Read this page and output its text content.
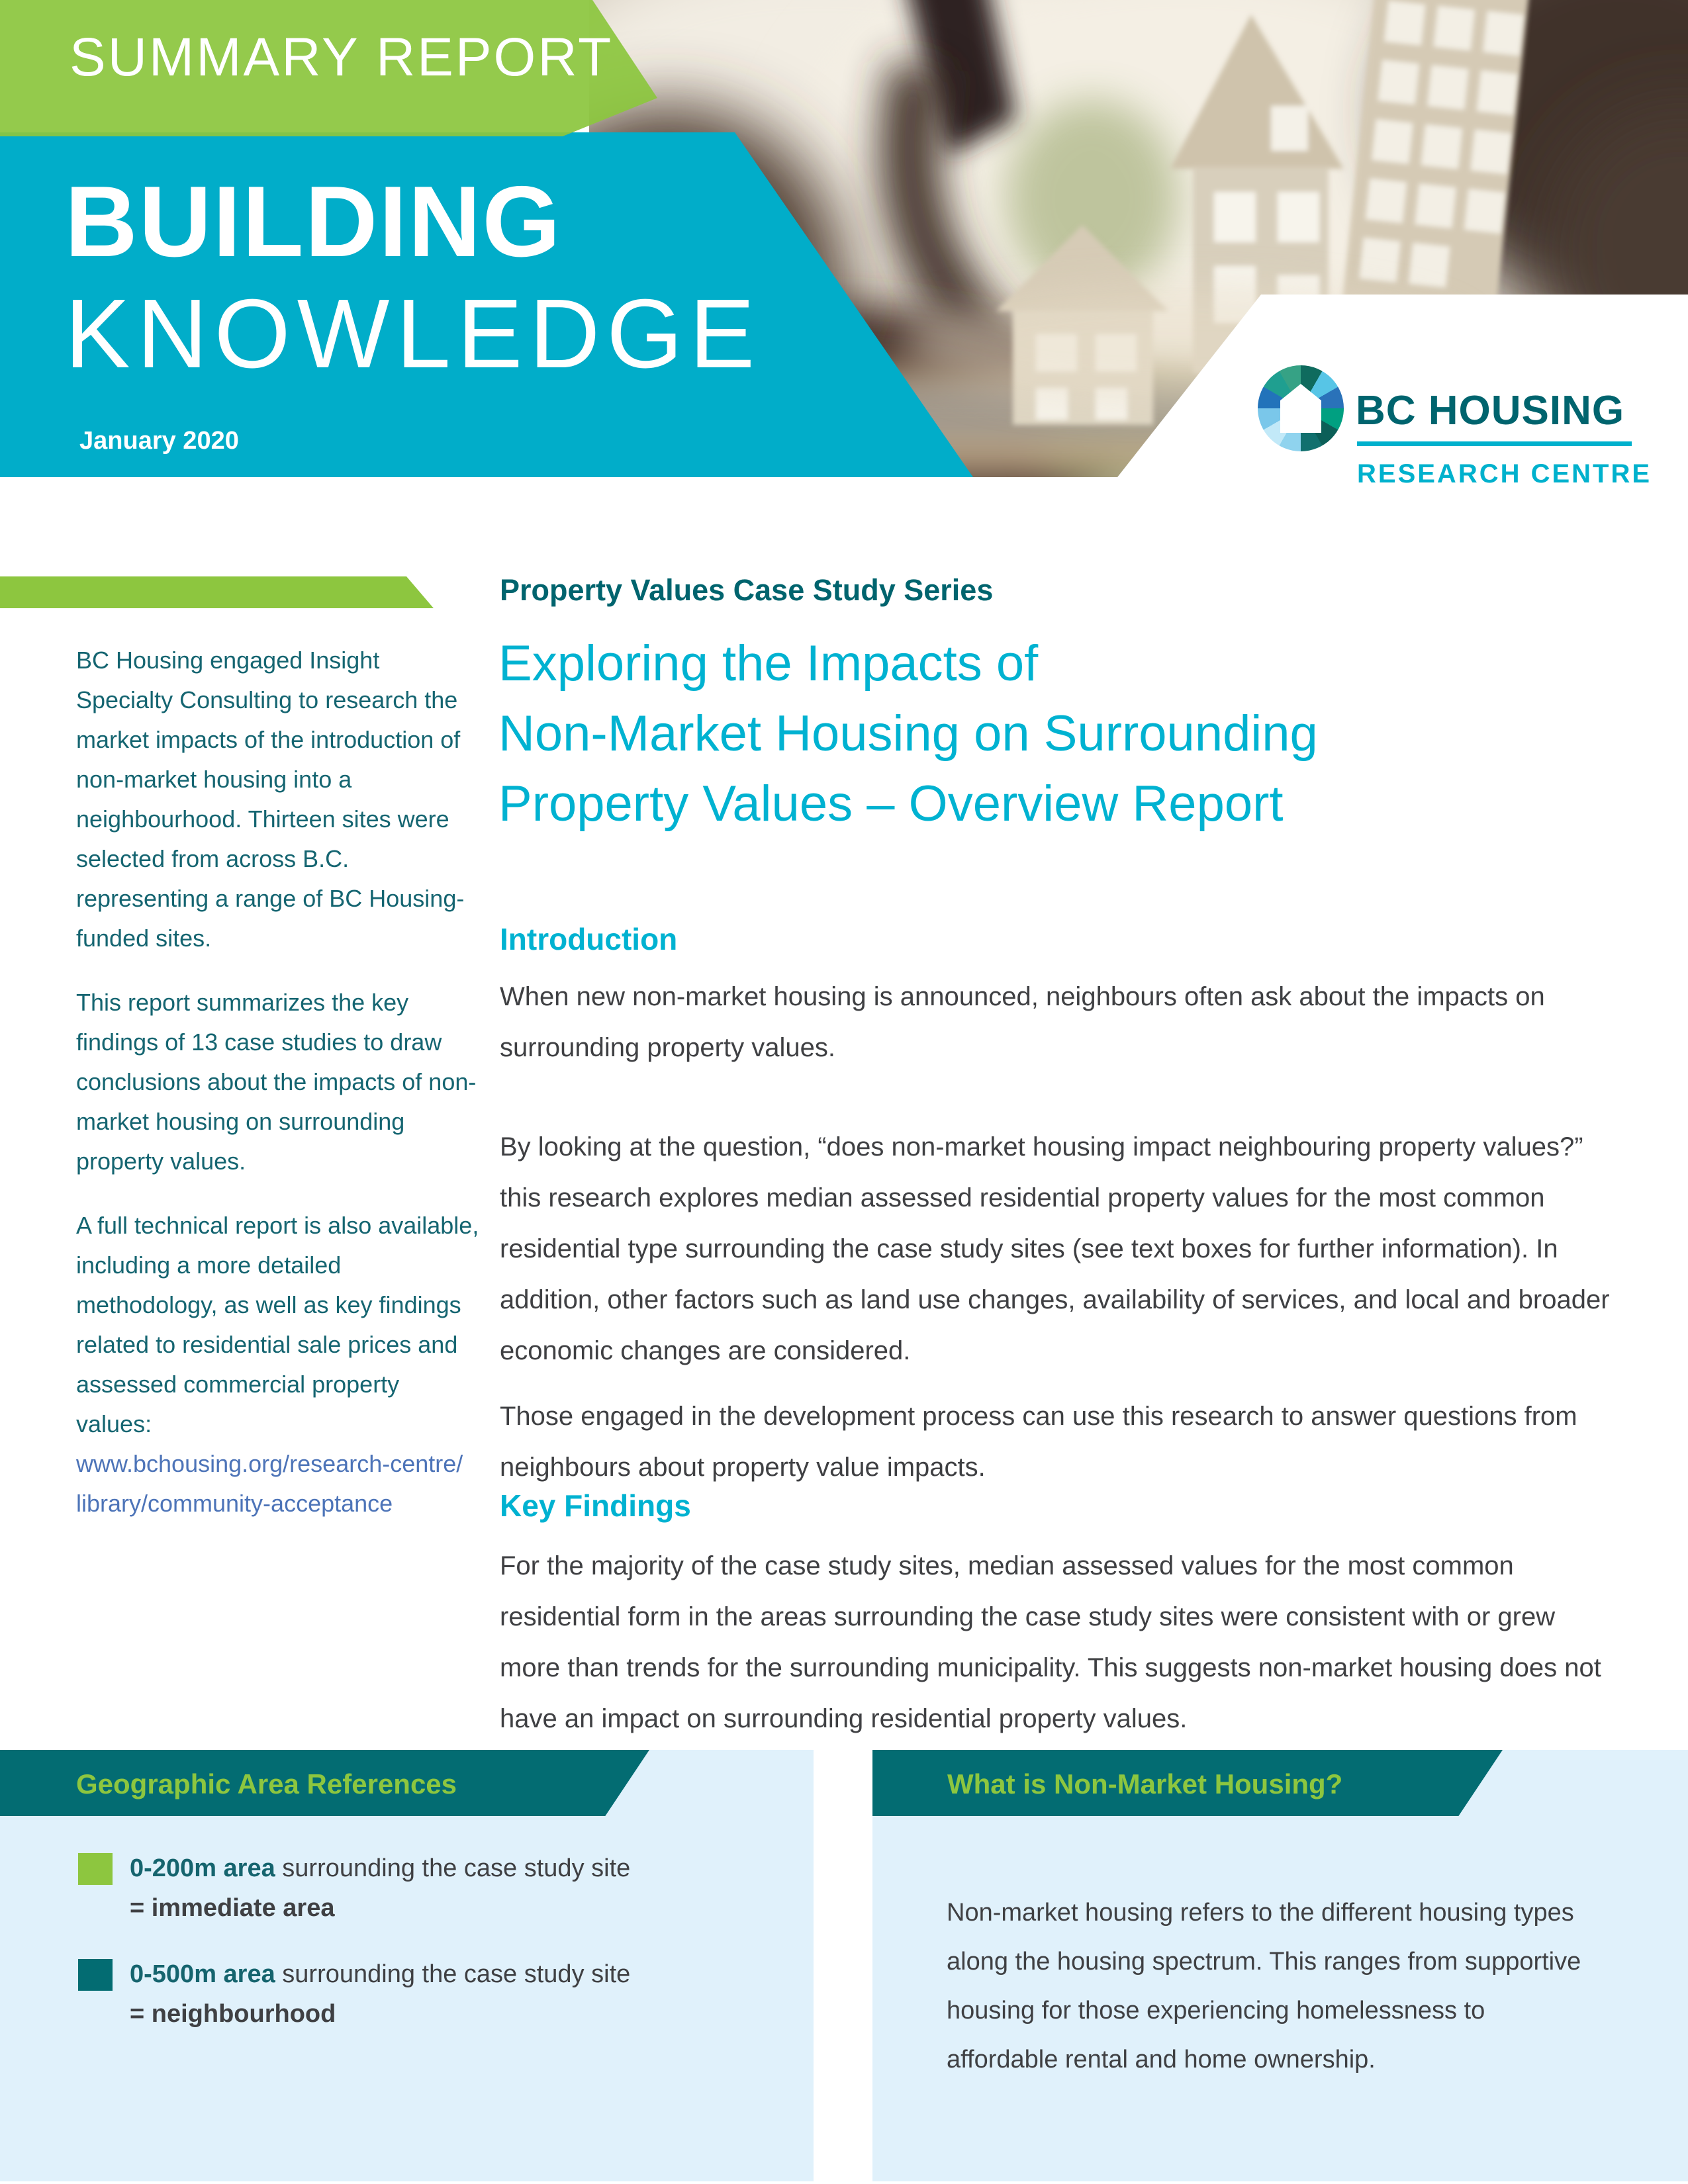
SUMMARY REPORT
BUILDING
KNOWLEDGE
January 2020
BC HOUSING
RESEARCH CENTRE

BC Housing engaged Insight Specialty Consulting to research the market impacts of the introduction of non-market housing into a neighbourhood. Thirteen sites were selected from across B.C. representing a range of BC Housing-funded sites.

This report summarizes the key findings of 13 case studies to draw conclusions about the impacts of non-market housing on surrounding property values.

A full technical report is also available, including a more detailed methodology, as well as key findings related to residential sale prices and assessed commercial property values:

www.bchousing.org/research-centre/
library/community-acceptance

Property Values Case Study Series
Exploring the Impacts of
Non-Market Housing on Surrounding
Property Values – Overview Report
Introduction
When new non-market housing is announced, neighbours often ask about the impacts on surrounding property values.
By looking at the question, “does non-market housing impact neighbouring property values?” this research explores median assessed residential property values for the most common residential type surrounding the case study sites (see text boxes for further information). In addition, other factors such as land use changes, availability of services, and local and broader economic changes are considered.
Those engaged in the development process can use this research to answer questions from neighbours about property value impacts.
Key Findings
For the majority of the case study sites, median assessed values for the most common residential form in the areas surrounding the case study sites were consistent with or grew more than trends for the surrounding municipality. This suggests non-market housing does not have an impact on surrounding residential property values.
Geographic Area References	What is Non-Market Housing?
0-200m area surrounding the case study site
= immediate area
0-500m area surrounding the case study site
= neighbourhood
Non-market housing refers to the different housing types along the housing spectrum. This ranges from supportive housing for those experiencing homelessness to affordable rental and home ownership.
